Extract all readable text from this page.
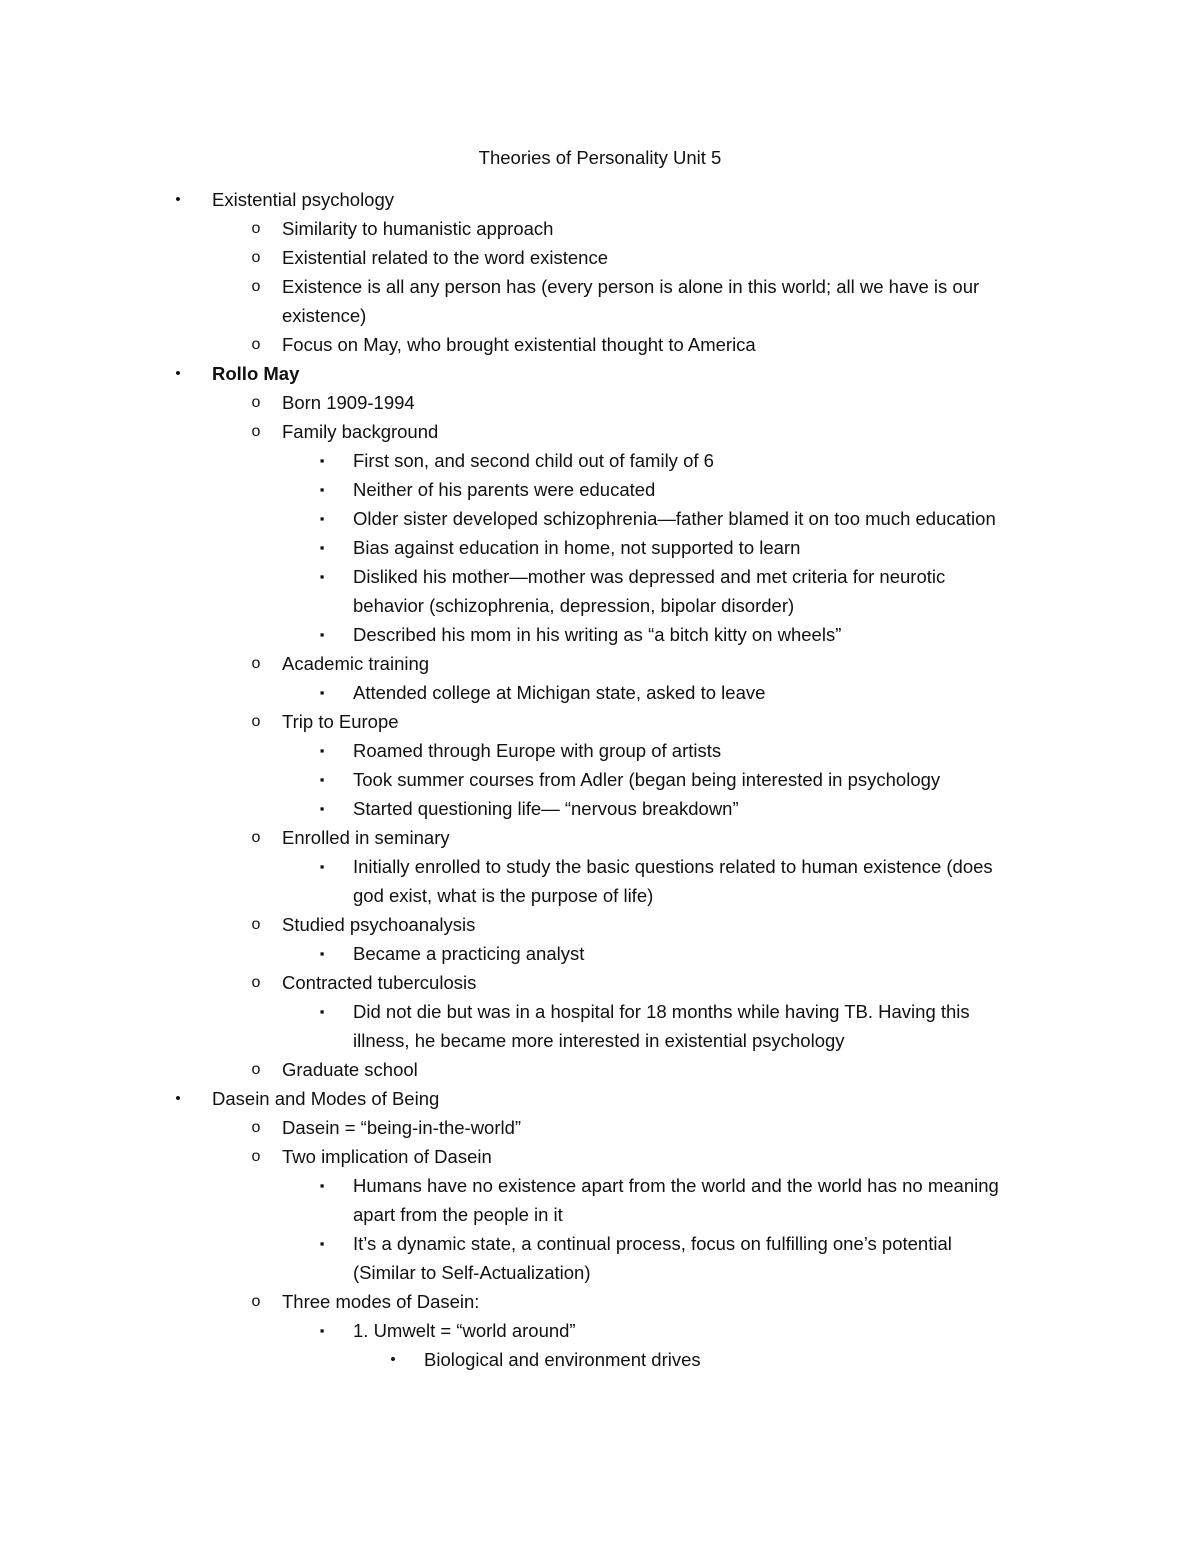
Theories of Personality Unit 5
•	Existential psychology
o Similarity to humanistic approach
o Existential related to the word existence
o Existence is all any person has (every person is alone in this world; all we have is our
existence)
o Focus on May, who brought existential thought to America
•	Rollo May
o Born 1909-1994
o Family background
▪	First son, and second child out of family of 6
▪	Neither of his parents were educated
▪	Older sister developed schizophrenia—father blamed it on too much education
▪	Bias against education in home, not supported to learn
▪	Disliked his mother—mother was depressed and met criteria for neurotic
behavior (schizophrenia, depression, bipolar disorder)
▪	Described his mom in his writing as “a bitch kitty on wheels”
o Academic training
▪	Attended college at Michigan state, asked to leave
o Trip to Europe
▪	Roamed through Europe with group of artists
▪	Took summer courses from Adler (began being interested in psychology
▪	Started questioning life— “nervous breakdown”
o Enrolled in seminary
▪	Initially enrolled to study the basic questions related to human existence (does
god exist, what is the purpose of life)
o Studied psychoanalysis
▪	Became a practicing analyst
o Contracted tuberculosis
▪	Did not die but was in a hospital for 18 months while having TB. Having this
illness, he became more interested in existential psychology
o Graduate school
•	Dasein and Modes of Being
o Dasein = “being-in-the-world”
o Two implication of Dasein
▪	Humans have no existence apart from the world and the world has no meaning
apart from the people in it
▪	It’s a dynamic state, a continual process, focus on fulfilling one’s potential
(Similar to Self-Actualization)
o Three modes of Dasein:
▪	1. Umwelt = “world around”
•	Biological and environment drives
